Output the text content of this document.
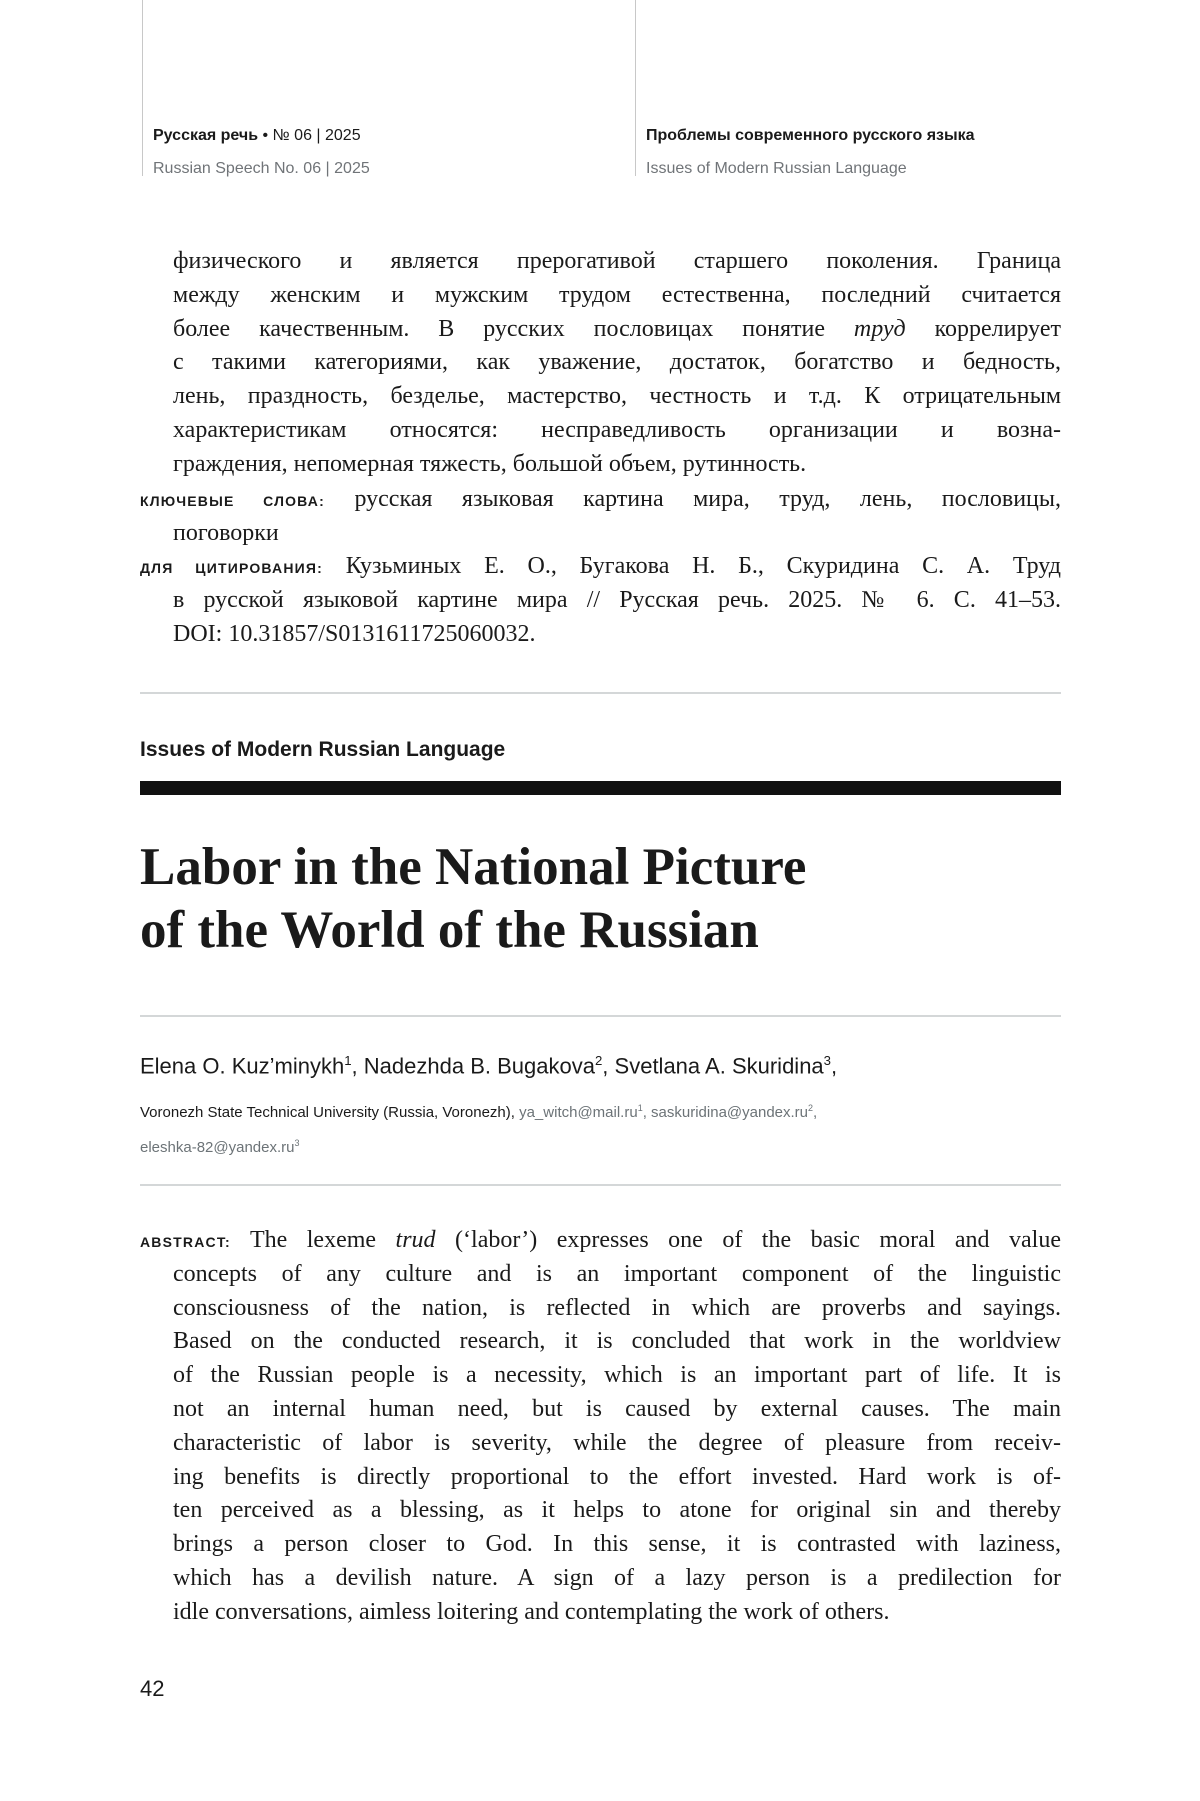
Русская речь • № 06 | 2025
Russian Speech No. 06 | 2025
Проблемы современного русского языка
Issues of Modern Russian Language
физического и является прерогативой старшего поколения. Граница
между женским и мужским трудом естественна, последний считается
более качественным. В русских пословицах понятие труд коррелирует
с такими категориями, как уважение, достаток, богатство и бедность,
лень, праздность, безделье, мастерство, честность и т.д. К отрицательным
характеристикам относятся: несправедливость организации и возна-
граждения, непомерная тяжесть, большой объем, рутинность.
КЛЮЧЕВЫЕ СЛОВА: русская языковая картина мира, труд, лень, пословицы,
поговорки
ДЛЯ ЦИТИРОВАНИЯ: Кузьминых Е. О., Бугакова Н. Б., Скуридина С. А. Труд
в русской языковой картине мира // Русская речь. 2025. № 6. С. 41–53.
DOI: 10.31857/S0131611725060032.
Issues of Modern Russian Language
Labor in the National Picture
of the World of the Russian
Elena O. Kuz’minykh$^1$, Nadezhda B. Bugakova$^2$, Svetlana A. Skuridina$^3$,
Voronezh State Technical University (Russia, Voronezh), $ya\_witch@mail.ru^1$, $saskuridina@yandex.ru^2$,
eleshka-$82@yandex.ru^3$
ABSTRACT: The lexeme trud (‘labor’) expresses one of the basic moral and value
concepts of any culture and is an important component of the linguistic
consciousness of the nation, is reflected in which are proverbs and sayings.
Based on the conducted research, it is concluded that work in the worldview
of the Russian people is a necessity, which is an important part of life. It is
not an internal human need, but is caused by external causes. The main
characteristic of labor is severity, while the degree of pleasure from receiv-
ing benefits is directly proportional to the effort invested. Hard work is of-
ten perceived as a blessing, as it helps to atone for original sin and thereby
brings a person closer to God. In this sense, it is contrasted with laziness,
which has a devilish nature. A sign of a lazy person is a predilection for
idle conversations, aimless loitering and contemplating the work of others.
42
